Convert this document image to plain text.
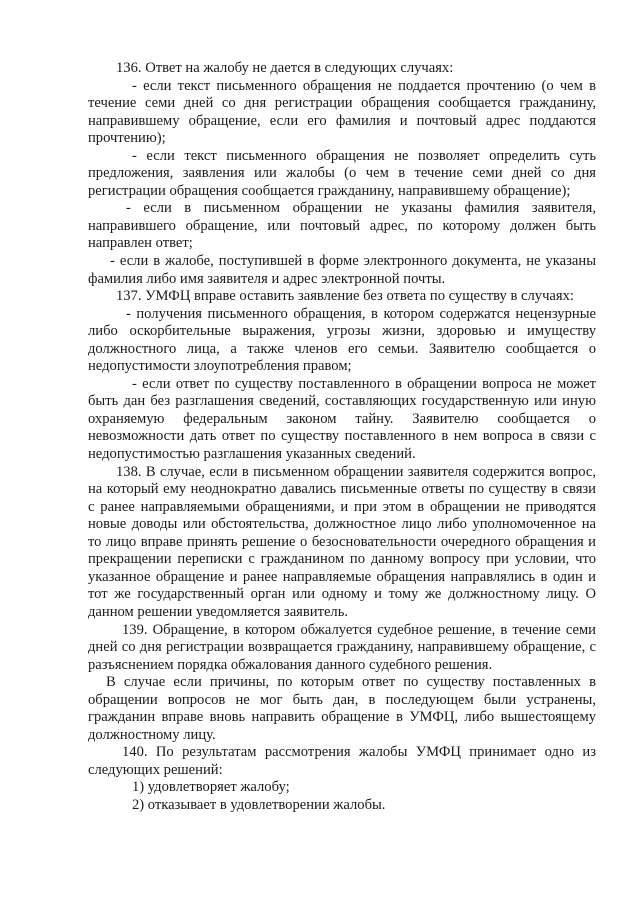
136. Ответ на жалобу не дается в следующих случаях:

- если текст письменного обращения не поддается прочтению (о чем в течение семи дней со дня регистрации обращения сообщается гражданину, направившему обращение, если его фамилия и почтовый адрес поддаются прочтению);

- если текст письменного обращения не позволяет определить суть предложения, заявления или жалобы (о чем в течение семи дней со дня регистрации обращения сообщается гражданину, направившему обращение);

- если в письменном обращении не указаны фамилия заявителя, направившего обращение, или почтовый адрес, по которому должен быть направлен ответ;

- если в жалобе, поступившей в форме электронного документа, не указаны фамилия либо имя заявителя и адрес электронной почты.

137. УМФЦ вправе оставить заявление без ответа по существу в случаях:

- получения письменного обращения, в котором содержатся нецензурные либо оскорбительные выражения, угрозы жизни, здоровью и имуществу должностного лица, а также членов его семьи. Заявителю сообщается о недопустимости злоупотребления правом;

- если ответ по существу поставленного в обращении вопроса не может быть дан без разглашения сведений, составляющих государственную или иную охраняемую федеральным законом тайну. Заявителю сообщается о невозможности дать ответ по существу поставленного в нем вопроса в связи с недопустимостью разглашения указанных сведений.

138. В случае, если в письменном обращении заявителя содержится вопрос, на который ему неоднократно давались письменные ответы по существу в связи с ранее направляемыми обращениями, и при этом в обращении не приводятся новые доводы или обстоятельства, должностное лицо либо уполномоченное на то лицо вправе принять решение о безосновательности очередного обращения и прекращении переписки с гражданином по данному вопросу при условии, что указанное обращение и ранее направляемые обращения направлялись в один и тот же государственный орган или одному и тому же должностному лицу. О данном решении уведомляется заявитель.

139. Обращение, в котором обжалуется судебное решение, в течение семи дней со дня регистрации возвращается гражданину, направившему обращение, с разъяснением порядка обжалования данного судебного решения.

В случае если причины, по которым ответ по существу поставленных в обращении вопросов не мог быть дан, в последующем были устранены, гражданин вправе вновь направить обращение в УМФЦ, либо вышестоящему должностному лицу.

140. По результатам рассмотрения жалобы УМФЦ принимает одно из следующих решений:

1) удовлетворяет жалобу;

2) отказывает в удовлетворении жалобы.
